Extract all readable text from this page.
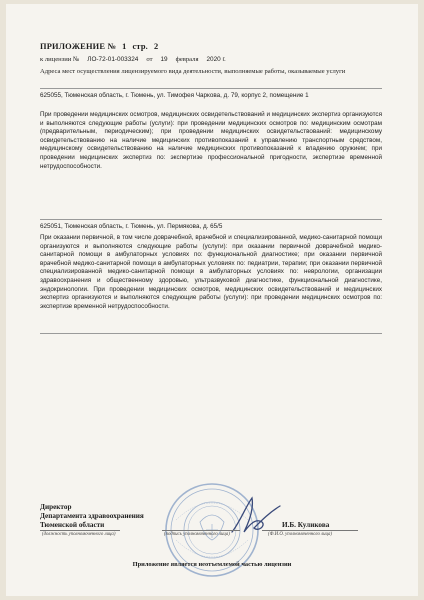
ПРИЛОЖЕНИЕ № 1 стр. 2
к лицензии № ЛО-72-01-003324 от 19 февраля 2020 г.
Адреса мест осуществления лицензируемого вида деятельности, выполняемые работы, оказываемые услуги
625055, Тюменская область, г. Тюмень, ул. Тимофея Чаркова, д. 79, корпус 2, помещение 1
При проведении медицинских осмотров, медицинских освидетельствований и медицинских экспертиз организуются и выполняются следующие работы (услуги): при проведении медицинских осмотров по: медицинским осмотрам (предварительным, периодическим); при проведении медицинских освидетельствований: медицинскому освидетельствованию на наличие медицинских противопоказаний к управлению транспортным средством, медицинскому освидетельствованию на наличие медицинских противопоказаний к владению оружием; при проведении медицинских экспертиз по: экспертизе профессиональной пригодности, экспертизе временной нетрудоспособности.
625051, Тюменская область, г. Тюмень, ул. Пермякова, д. 65/5
При оказании первичной, в том числе доврачебной, врачебной и специализированной, медико-санитарной помощи организуются и выполняются следующие работы (услуги): при оказании первичной доврачебной медико-санитарной помощи в амбулаторных условиях по: функциональной диагностике; при оказании первичной врачебной медико-санитарной помощи в амбулаторных условиях по: педиатрии, терапии; при оказании первичной специализированной медико-санитарной помощи в амбулаторных условиях по: неврологии, организации здравоохранения и общественному здоровью, ультразвуковой диагностике, функциональной диагностике, эндокринологии. При проведении медицинских осмотров, медицинских освидетельствований и медицинских экспертиз организуются и выполняются следующие работы (услуги): при проведении медицинских осмотров по: экспертизе временной нетрудоспособности.
Директор
Департамента здравоохранения
Тюменской области	И.Б. Куликова
(должность уполномоченного лица)	(подпись уполномоченного лица)	(Ф.И.О. уполномоченного лица)
Приложение является неотъемлемой частью лицензии
